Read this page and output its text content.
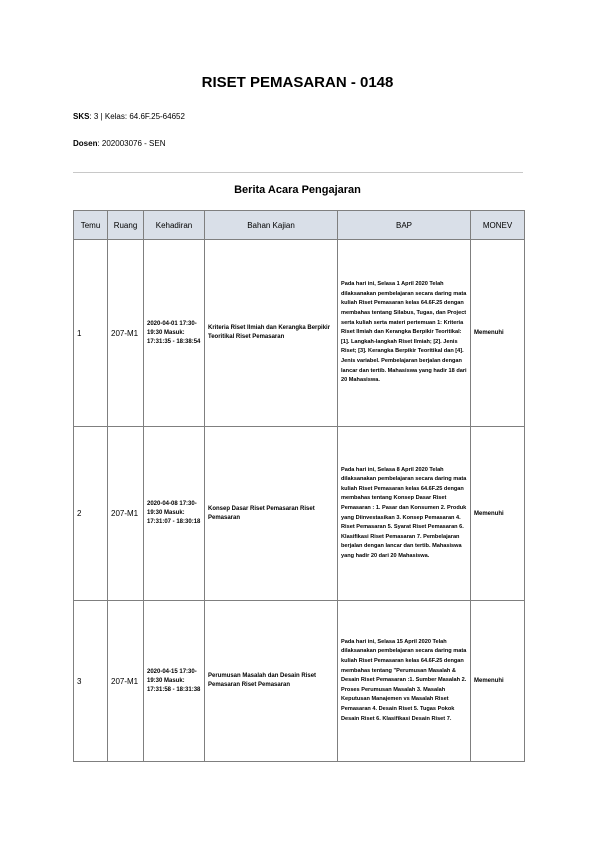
RISET PEMASARAN - 0148
SKS: 3 | Kelas: 64.6F.25-64652
Dosen: 202003076 - SEN
Berita Acara Pengajaran
Temu	Ruang	Kehadiran	Bahan Kajian	BAP	MONEV
1	207-M1	2020-04-01 17:30-19:30 Masuk: 17:31:35 - 18:38:54	Kriteria Riset Ilmiah dan Kerangka Berpikir Teoritikal Riset Pemasaran	Pada hari ini, Selasa 1 April 2020 Telah dilaksanakan pembelajaran secara daring mata kuliah Riset Pemasaran kelas 64.6F.25 dengan membahas tentang Silabus, Tugas, dan Project serta kuliah serta materi pertemuan 1: Kriteria Riset Ilmiah dan Kerangka Berpikir Teoritikal: [1]. Langkah-langkah Riset Ilmiah; [2]. Jenis Riset; [3]. Kerangka Berpikir Teoritikal dan [4]. Jenis variabel. Pembelajaran berjalan dengan lancar dan tertib. Mahasiswa yang hadir 18 dari 20 Mahasiswa.	Memenuhi
2	207-M1	2020-04-08 17:30-19:30 Masuk: 17:31:07 - 18:30:18	Konsep Dasar Riset Pemasaran Riset Pemasaran	Pada hari ini, Selasa 8 April 2020 Telah dilaksanakan pembelajaran secara daring mata kuliah Riset Pemasaran kelas 64.6F.25 dengan membahas tentang Konsep Dasar Riset Pemasaran : 1. Pasar dan Konsumen 2. Produk yang Diinvestasikan 3. Konsep Pemasaran 4. Riset Pemasaran 5. Syarat Riset Pemasaran 6. Klasifikasi Riset Pemasaran 7. Pembelajaran berjalan dengan lancar dan tertib. Mahasiswa yang hadir 20 dari 20 Mahasiswa.	Memenuhi
3	207-M1	2020-04-15 17:30-19:30 Masuk: 17:31:58 - 18:31:38	Perumusan Masalah dan Desain Riset Pemasaran Riset Pemasaran	Pada hari ini, Selasa 15 April 2020 Telah dilaksanakan pembelajaran secara daring mata kuliah Riset Pemasaran kelas 64.6F.25 dengan membahas tentang "Perumusan Masalah & Desain Riset Pemasaran :1. Sumber Masalah 2. Proses Perumusan Masalah 3. Masalah Keputusan Manajemen vs Masalah Riset Pemasaran 4. Desain Riset 5. Tugas Pokok Desain Riset 6. Klasifikasi Desain Riset 7.	Memenuhi
